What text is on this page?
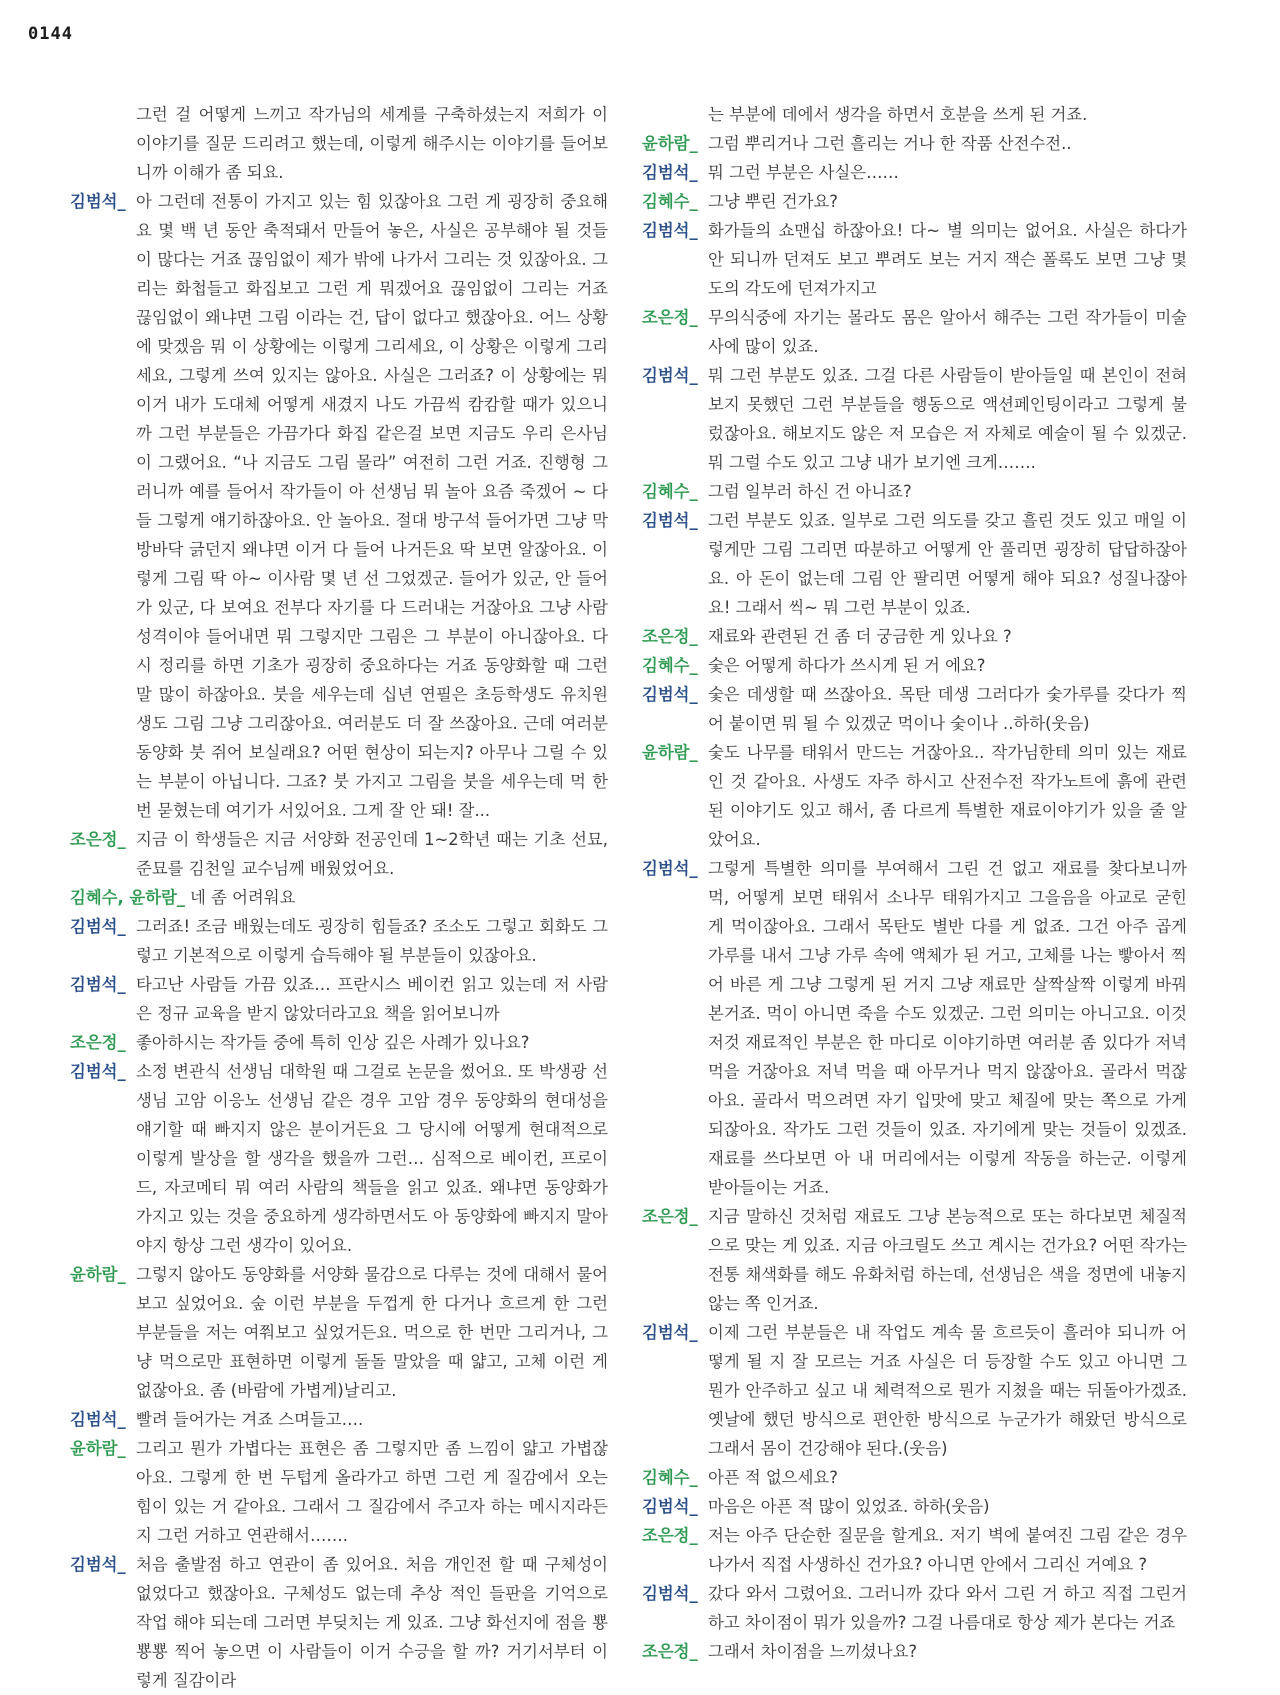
0144
그런 걸 어떻게 느끼고 작가님의 세계를 구축하셨는지 저희가 이 이야기를 질문 드리려고 했는데, 이렇게 해주시는 이야기를 들어보니까 이해가 좀 되요.
김범석_ 아 그런데 전통이 가지고 있는 힘 있잖아요 그런 게 굉장히 중요해요 몇 백 년 동안 축적돼서 만들어 놓은, 사실은 공부해야 될 것들이 많다는 거죠 끊임없이 제가 밖에 나가서 그리는 것 있잖아요. 그리는 화첩들고 화집보고 그런 게 뭐겠어요 끊임없이 그리는 거죠 끊임없이 왜냐면 그림 이라는 건, 답이 없다고 했잖아요. 어느 상황에 맞겠음 뭐 이 상황에는 이렇게 그리세요, 이 상황은 이렇게 그리세요, 그렇게 쓰여 있지는 않아요. 사실은 그러죠? 이 상황에는 뭐 이거 내가 도대체 어떻게 새겼지 나도 가끔씩 캄캄할 때가 있으니까 그런 부분들은 가끔가다 화집 같은걸 보면 지금도 우리 은사님이 그랬어요. “나 지금도 그림 몰라” 여전히 그런 거죠. 진행형 그러니까 예를 들어서 작가들이 아 선생님 뭐 놀아 요즘 죽겠어 ~ 다들 그렇게 얘기하잖아요. 안 놀아요. 절대 방구석 들어가면 그냥 막 방바닥 긁던지 왜냐면 이거 다 들어 나거든요 딱 보면 알잖아요. 이렇게 그림 딱 아~ 이사람 몇 년 선 그었겠군. 들어가 있군, 안 들어가 있군, 다 보여요 전부다 자기를 다 드러내는 거잖아요 그냥 사람 성격이야 들어내면 뭐 그렇지만 그림은 그 부분이 아니잖아요. 다시 정리를 하면 기초가 굉장히 중요하다는 거죠 동양화할 때 그런 말 많이 하잖아요. 붓을 세우는데 십년 연필은 초등학생도 유치원생도 그림 그냥 그리잖아요. 여러분도 더 잘 쓰잖아요. 근데 여러분 동양화 붓 쥐어 보실래요? 어떤 현상이 되는지? 아무나 그릴 수 있는 부분이 아닙니다. 그죠? 붓 가지고 그림을 붓을 세우는데 먹 한번 묻혔는데 여기가 서있어요. 그게 잘 안 돼! 잘...
조은정_ 지금 이 학생들은 지금 서양화 전공인데 1~2학년 때는 기초 선묘, 준묘를 김천일 교수님께 배웠었어요.
김혜수, 윤하람_ 네 좀 어려워요
김범석_ 그러죠! 조금 배웠는데도 굉장히 힘들죠? 조소도 그렇고 회화도 그렇고 기본적으로 이렇게 습득해야 될 부분들이 있잖아요.
김범석_ 타고난 사람들 가끔 있죠… 프란시스 베이컨 읽고 있는데 저 사람은 정규 교육을 받지 않았더라고요 책을 읽어보니까
조은정_ 좋아하시는 작가들 중에 특히 인상 깊은 사례가 있나요?
김범석_ 소정 변관식 선생님 대학원 때 그걸로 논문을 썼어요. 또 박생광 선생님 고암 이응노 선생님 같은 경우 고암 경우 동양화의 현대성을 얘기할 때 빠지지 않은 분이거든요 그 당시에 어떻게 현대적으로 이렇게 발상을 할 생각을 했을까 그런… 심적으로 베이컨, 프로이드, 자코메티 뭐 여러 사람의 책들을 읽고 있죠. 왜냐면 동양화가 가지고 있는 것을 중요하게 생각하면서도 아 동양화에 빠지지 말아야지 항상 그런 생각이 있어요.
윤하람_ 그렇지 않아도 동양화를 서양화 물감으로 다루는 것에 대해서 물어 보고 싶었어요. 숲 이런 부분을 두껍게 한 다거나 흐르게 한 그런 부분들을 저는 여쭤보고 싶었거든요. 먹으로 한 번만 그리거나, 그냥 먹으로만 표현하면 이렇게 돌돌 말았을 때 얇고, 고체 이런 게 없잖아요. 좀 (바람에 가볍게)날리고.
김범석_ 빨려 들어가는 겨죠 스며들고….
윤하람_ 그리고 뭔가 가볍다는 표현은 좀 그렇지만 좀 느낌이 얇고 가볍잖아요. 그렇게 한 번 두텁게 올라가고 하면 그런 게 질감에서 오는 힘이 있는 거 같아요. 그래서 그 질감에서 주고자 하는 메시지라든지 그런 거하고 연관해서…….
김범석_ 처음 출발점 하고 연관이 좀 있어요. 처음 개인전 할 때 구체성이 없었다고 했잖아요. 구체성도 없는데 추상 적인 들판을 기억으로 작업 해야 되는데 그러면 부딪치는 게 있죠. 그냥 화선지에 점을 뿅뿅뿅 찍어 놓으면 이 사람들이 이거 수긍을 할 까? 거기서부터 이렇게 질감이라
는 부분에 데에서 생각을 하면서 호분을 쓰게 된 거죠.
윤하람_ 그럼 뿌리거나 그런 흘리는 거나 한 작품 산전수전..
김범석_ 뭐 그런 부분은 사실은……
김혜수_ 그냥 뿌린 건가요?
김범석_ 화가들의 쇼맨십 하잖아요! 다~ 별 의미는 없어요. 사실은 하다가 안 되니까 던져도 보고 뿌려도 보는 거지 잭슨 폴록도 보면 그냥 몇 도의 각도에 던져가지고
조은정_ 무의식중에 자기는 몰라도 몸은 알아서 해주는 그런 작가들이 미술사에 많이 있죠.
김범석_ 뭐 그런 부분도 있죠. 그걸 다른 사람들이 받아들일 때 본인이 전혀 보지 못했던 그런 부분들을 행동으로 액션페인팅이라고 그렇게 불렀잖아요. 해보지도 않은 저 모습은 저 자체로 예술이 될 수 있겠군. 뭐 그럴 수도 있고 그냥 내가 보기엔 크게…….
김혜수_ 그럼 일부러 하신 건 아니죠?
김범석_ 그런 부분도 있죠. 일부로 그런 의도를 갖고 흘린 것도 있고 매일 이렇게만 그림 그리면 따분하고 어떻게 안 풀리면 굉장히 답답하잖아요. 아 돈이 없는데 그림 안 팔리면 어떻게 해야 되요? 성질나잖아요! 그래서 씩~ 뭐 그런 부분이 있죠.
조은정_ 재료와 관련된 건 좀 더 궁금한 게 있나요 ?
김혜수_ 숯은 어떻게 하다가 쓰시게 된 거 에요?
김범석_ 숯은 데생할 때 쓰잖아요. 목탄 데생 그러다가 숯가루를 갖다가 찍어 붙이면 뭐 될 수 있겠군 먹이나 숯이나 ..하하(웃음)
윤하람_ 숯도 나무를 태워서 만드는 거잖아요.. 작가님한테 의미 있는 재료인 것 같아요. 사생도 자주 하시고 산전수전 작가노트에 흙에 관련된 이야기도 있고 해서, 좀 다르게 특별한 재료이야기가 있을 줄 알았어요.
김범석_ 그렇게 특별한 의미를 부여해서 그린 건 없고 재료를 찾다보니까 먹, 어떻게 보면 태워서 소나무 태워가지고 그을음을 아교로 굳힌 게 먹이잖아요. 그래서 목탄도 별반 다를 게 없죠. 그건 아주 곱게 가루를 내서 그냥 가루 속에 액체가 된 거고, 고체를 나는 빻아서 찍어 바른 게 그냥 그렇게 된 거지 그냥 재료만 살짝살짝 이렇게 바꿔 본거죠. 먹이 아니면 죽을 수도 있겠군. 그런 의미는 아니고요. 이것저것 재료적인 부분은 한 마디로 이야기하면 여러분 좀 있다가 저녁 먹을 거잖아요 저녁 먹을 때 아무거나 먹지 않잖아요. 골라서 먹잖아요. 골라서 먹으려면 자기 입맛에 맞고 체질에 맞는 쪽으로 가게 되잖아요. 작가도 그런 것들이 있죠. 자기에게 맞는 것들이 있겠죠. 재료를 쓰다보면 아 내 머리에서는 이렇게 작동을 하는군. 이렇게 받아들이는 거죠.
조은정_ 지금 말하신 것처럼 재료도 그냥 본능적으로 또는 하다보면 체질적으로 맞는 게 있죠. 지금 아크릴도 쓰고 계시는 건가요? 어떤 작가는 전통 채색화를 해도 유화처럼 하는데, 선생님은 색을 정면에 내놓지 않는 쪽 인거죠.
김범석_ 이제 그런 부분들은 내 작업도 계속 물 흐르듯이 흘러야 되니까 어떻게 될 지 잘 모르는 거죠 사실은 더 등장할 수도 있고 아니면 그 뭔가 안주하고 싶고 내 체력적으로 뭔가 지쳤을 때는 뒤돌아가겠죠. 옛날에 했던 방식으로 편안한 방식으로 누군가가 해왔던 방식으로 그래서 몸이 건강해야 된다.(웃음)
김혜수_ 아픈 적 없으세요?
김범석_ 마음은 아픈 적 많이 있었죠. 하하(웃음)
조은정_ 저는 아주 단순한 질문을 할게요. 저기 벽에 붙여진 그림 같은 경우 나가서 직접 사생하신 건가요? 아니면 안에서 그리신 거예요 ?
김범석_ 갔다 와서 그렸어요. 그러니까 갔다 와서 그린 거 하고 직접 그린거하고 차이점이 뭐가 있을까? 그걸 나름대로 항상 제가 본다는 거죠
조은정_ 그래서 차이점을 느끼셨나요?
